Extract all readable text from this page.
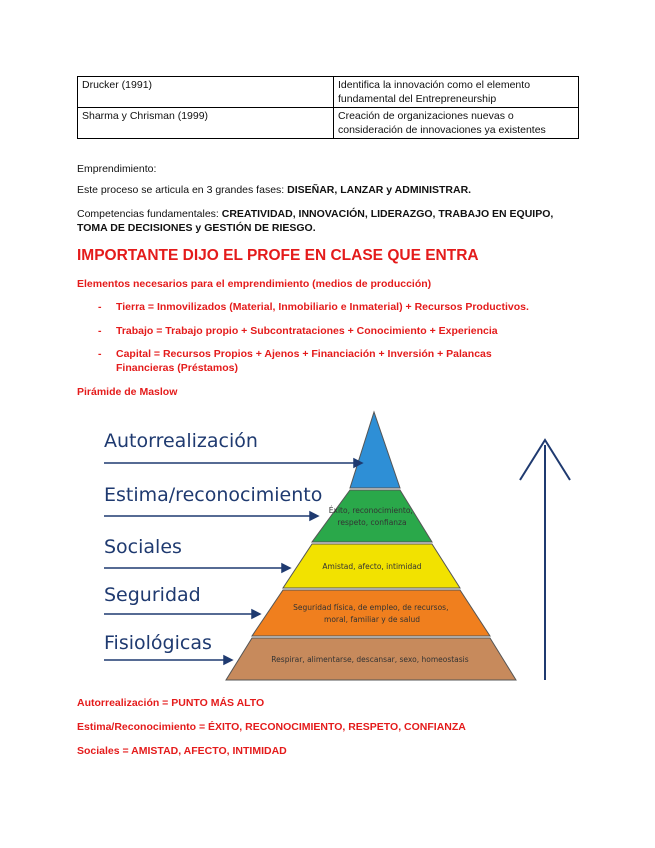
Drucker (1991)	Identifica la innovación como el elemento fundamental del Entrepreneurship
Sharma y Chrisman (1999)	Creación de organizaciones nuevas o consideración de innovaciones ya existentes
Emprendimiento:
Este proceso se articula en 3 grandes fases: DISEÑAR, LANZAR y ADMINISTRAR.
Competencias fundamentales: CREATIVIDAD, INNOVACIÓN, LIDERAZGO, TRABAJO EN EQUIPO, TOMA DE DECISIONES y GESTIÓN DE RIESGO.
IMPORTANTE DIJO EL PROFE EN CLASE QUE ENTRA
Elementos necesarios para el emprendimiento (medios de producción)
- Tierra = Inmovilizados (Material, Inmobiliario e Inmaterial) + Recursos Productivos.
- Trabajo = Trabajo propio + Subcontrataciones + Conocimiento + Experiencia
- Capital = Recursos Propios + Ajenos + Financiación + Inversión + Palancas Financieras (Préstamos)
Pirámide de Maslow
Éxito, reconocimiento, respeto, confianza
Amistad, afecto, intimidad
Seguridad física, de empleo, de recursos, moral, familiar y de salud
Respirar, alimentarse, descansar, sexo, homeostasis
Autorrealización
Estima/reconocimiento
Sociales
Seguridad
Fisiológicas
Autorrealización = PUNTO MÁS ALTO
Estima/Reconocimiento = ÉXITO, RECONOCIMIENTO, RESPETO, CONFIANZA
Sociales = AMISTAD, AFECTO, INTIMIDAD
